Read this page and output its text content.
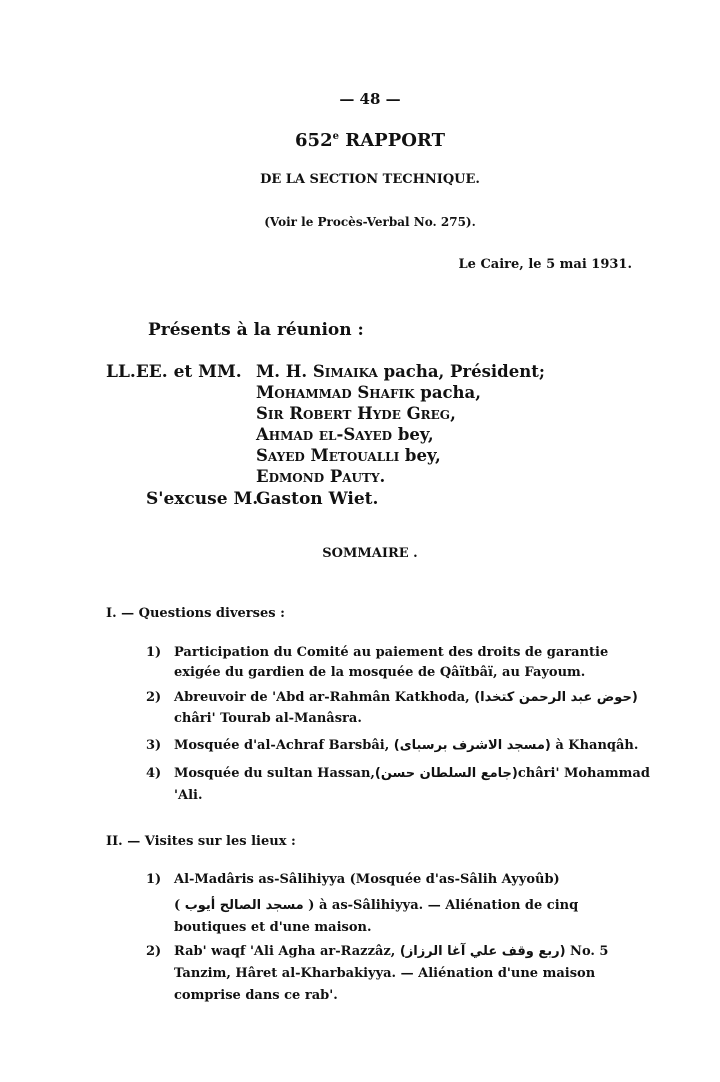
— 48 —
652e RAPPORT
DE LA SECTION TECHNIQUE.
(Voir le Procès-Verbal No. 275).
Le Caire, le 5 mai 1931.
Présents à la réunion :
LL.EE. et MM. M. H. Simaika pacha, Président;
Mohammad Shafik pacha,
Sir Robert Hyde Greg,
Ahmad el-Sayed bey,
Sayed Metoualli bey,
Edmond Pauty.
S'excuse M.
Gaston Wiet.
SOMMAIRE .
I. — Questions diverses :
1) Participation du Comité au paiement des droits de garantie
exigée du gardien de la mosquée de Qâïtbâï, au Fayoum.
2) Abreuvoir de 'Abd ar-Rahmân Katkhoda, (حوض عبد الرحمن كتخدا)
châri' Tourab al-Manâsra.
3) Mosquée d'al-Achraf Barsbâi, (مسجد الاشرف برسباى) à Khanqâh.
4) Mosquée du sultan Hassan,(جامع السلطان حسن)châri' Mohammad
'Ali.
II. — Visites sur les lieux :
1) Al-Madâris as-Sâlihiyya (Mosquée d'as-Sâlih Ayyoûb)
( مسجد الصالح أيوب ) à as-Sâlihiyya. — Aliénation de cinq
boutiques et d'une maison.
2) Rab' waqf 'Ali Agha ar-Razzâz, (ربع وقف علي آغا الرزاز) No. 5
Tanzim, Hâret al-Kharbakiyya. — Aliénation d'une maison
comprise dans ce rab'.
